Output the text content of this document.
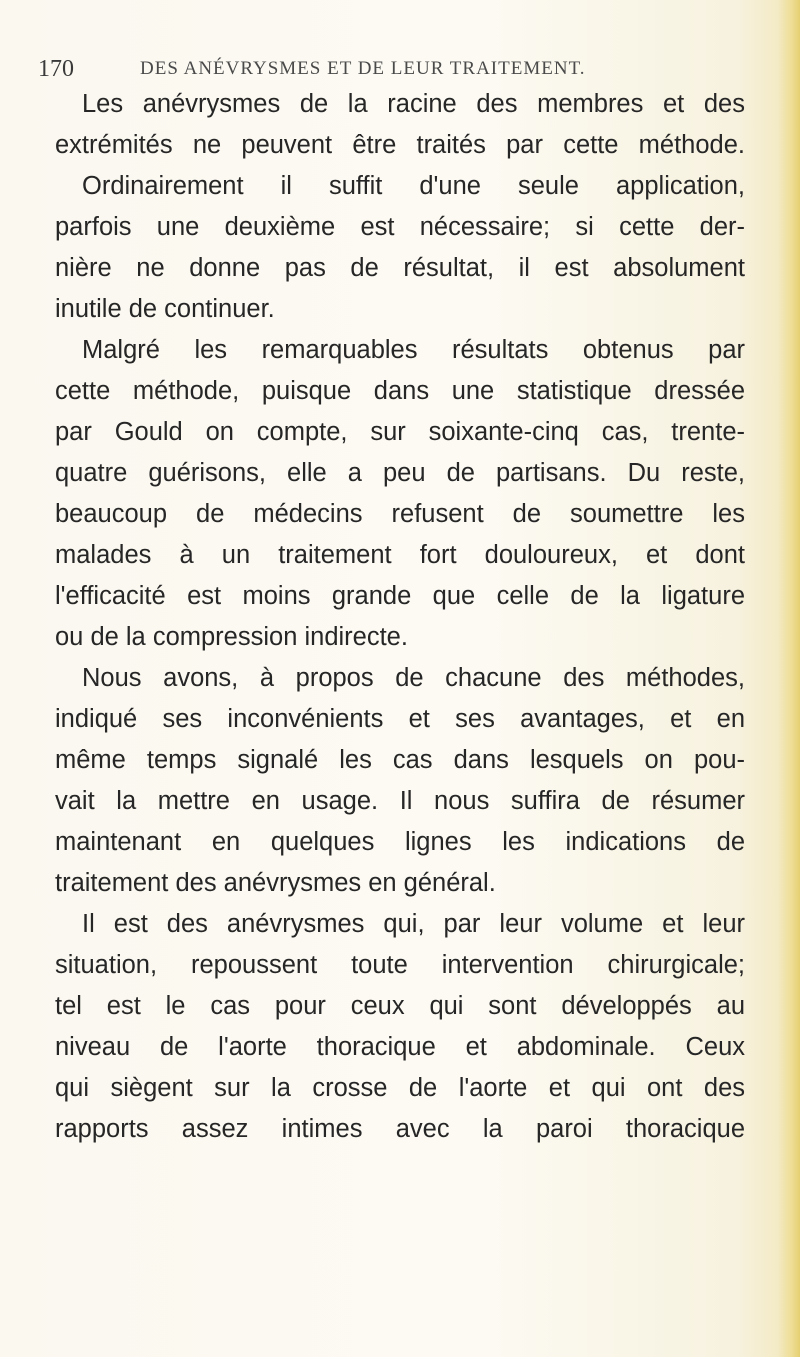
170	DES ANÉVRYSMES ET DE LEUR TRAITEMENT.

Les anévrysmes de la racine des membres et des
extrémités ne peuvent être traités par cette méthode.
Ordinairement il suffit d'une seule application,
parfois une deuxième est nécessaire; si cette der-
nière ne donne pas de résultat, il est absolument
inutile de continuer.

Malgré les remarquables résultats obtenus par
cette méthode, puisque dans une statistique dressée
par Gould on compte, sur soixante-cinq cas, trente-
quatre guérisons, elle a peu de partisans. Du reste,
beaucoup de médecins refusent de soumettre les
malades à un traitement fort douloureux, et dont
l'efficacité est moins grande que celle de la ligature
ou de la compression indirecte.

Nous avons, à propos de chacune des méthodes,
indiqué ses inconvénients et ses avantages, et en
même temps signalé les cas dans lesquels on pou-
vait la mettre en usage. Il nous suffira de résumer
maintenant en quelques lignes les indications de
traitement des anévrysmes en général.

Il est des anévrysmes qui, par leur volume et leur
situation, repoussent toute intervention chirurgicale;
tel est le cas pour ceux qui sont développés au
niveau de l'aorte thoracique et abdominale. Ceux
qui siègent sur la crosse de l'aorte et qui ont des
rapports assez intimes avec la paroi thoracique
